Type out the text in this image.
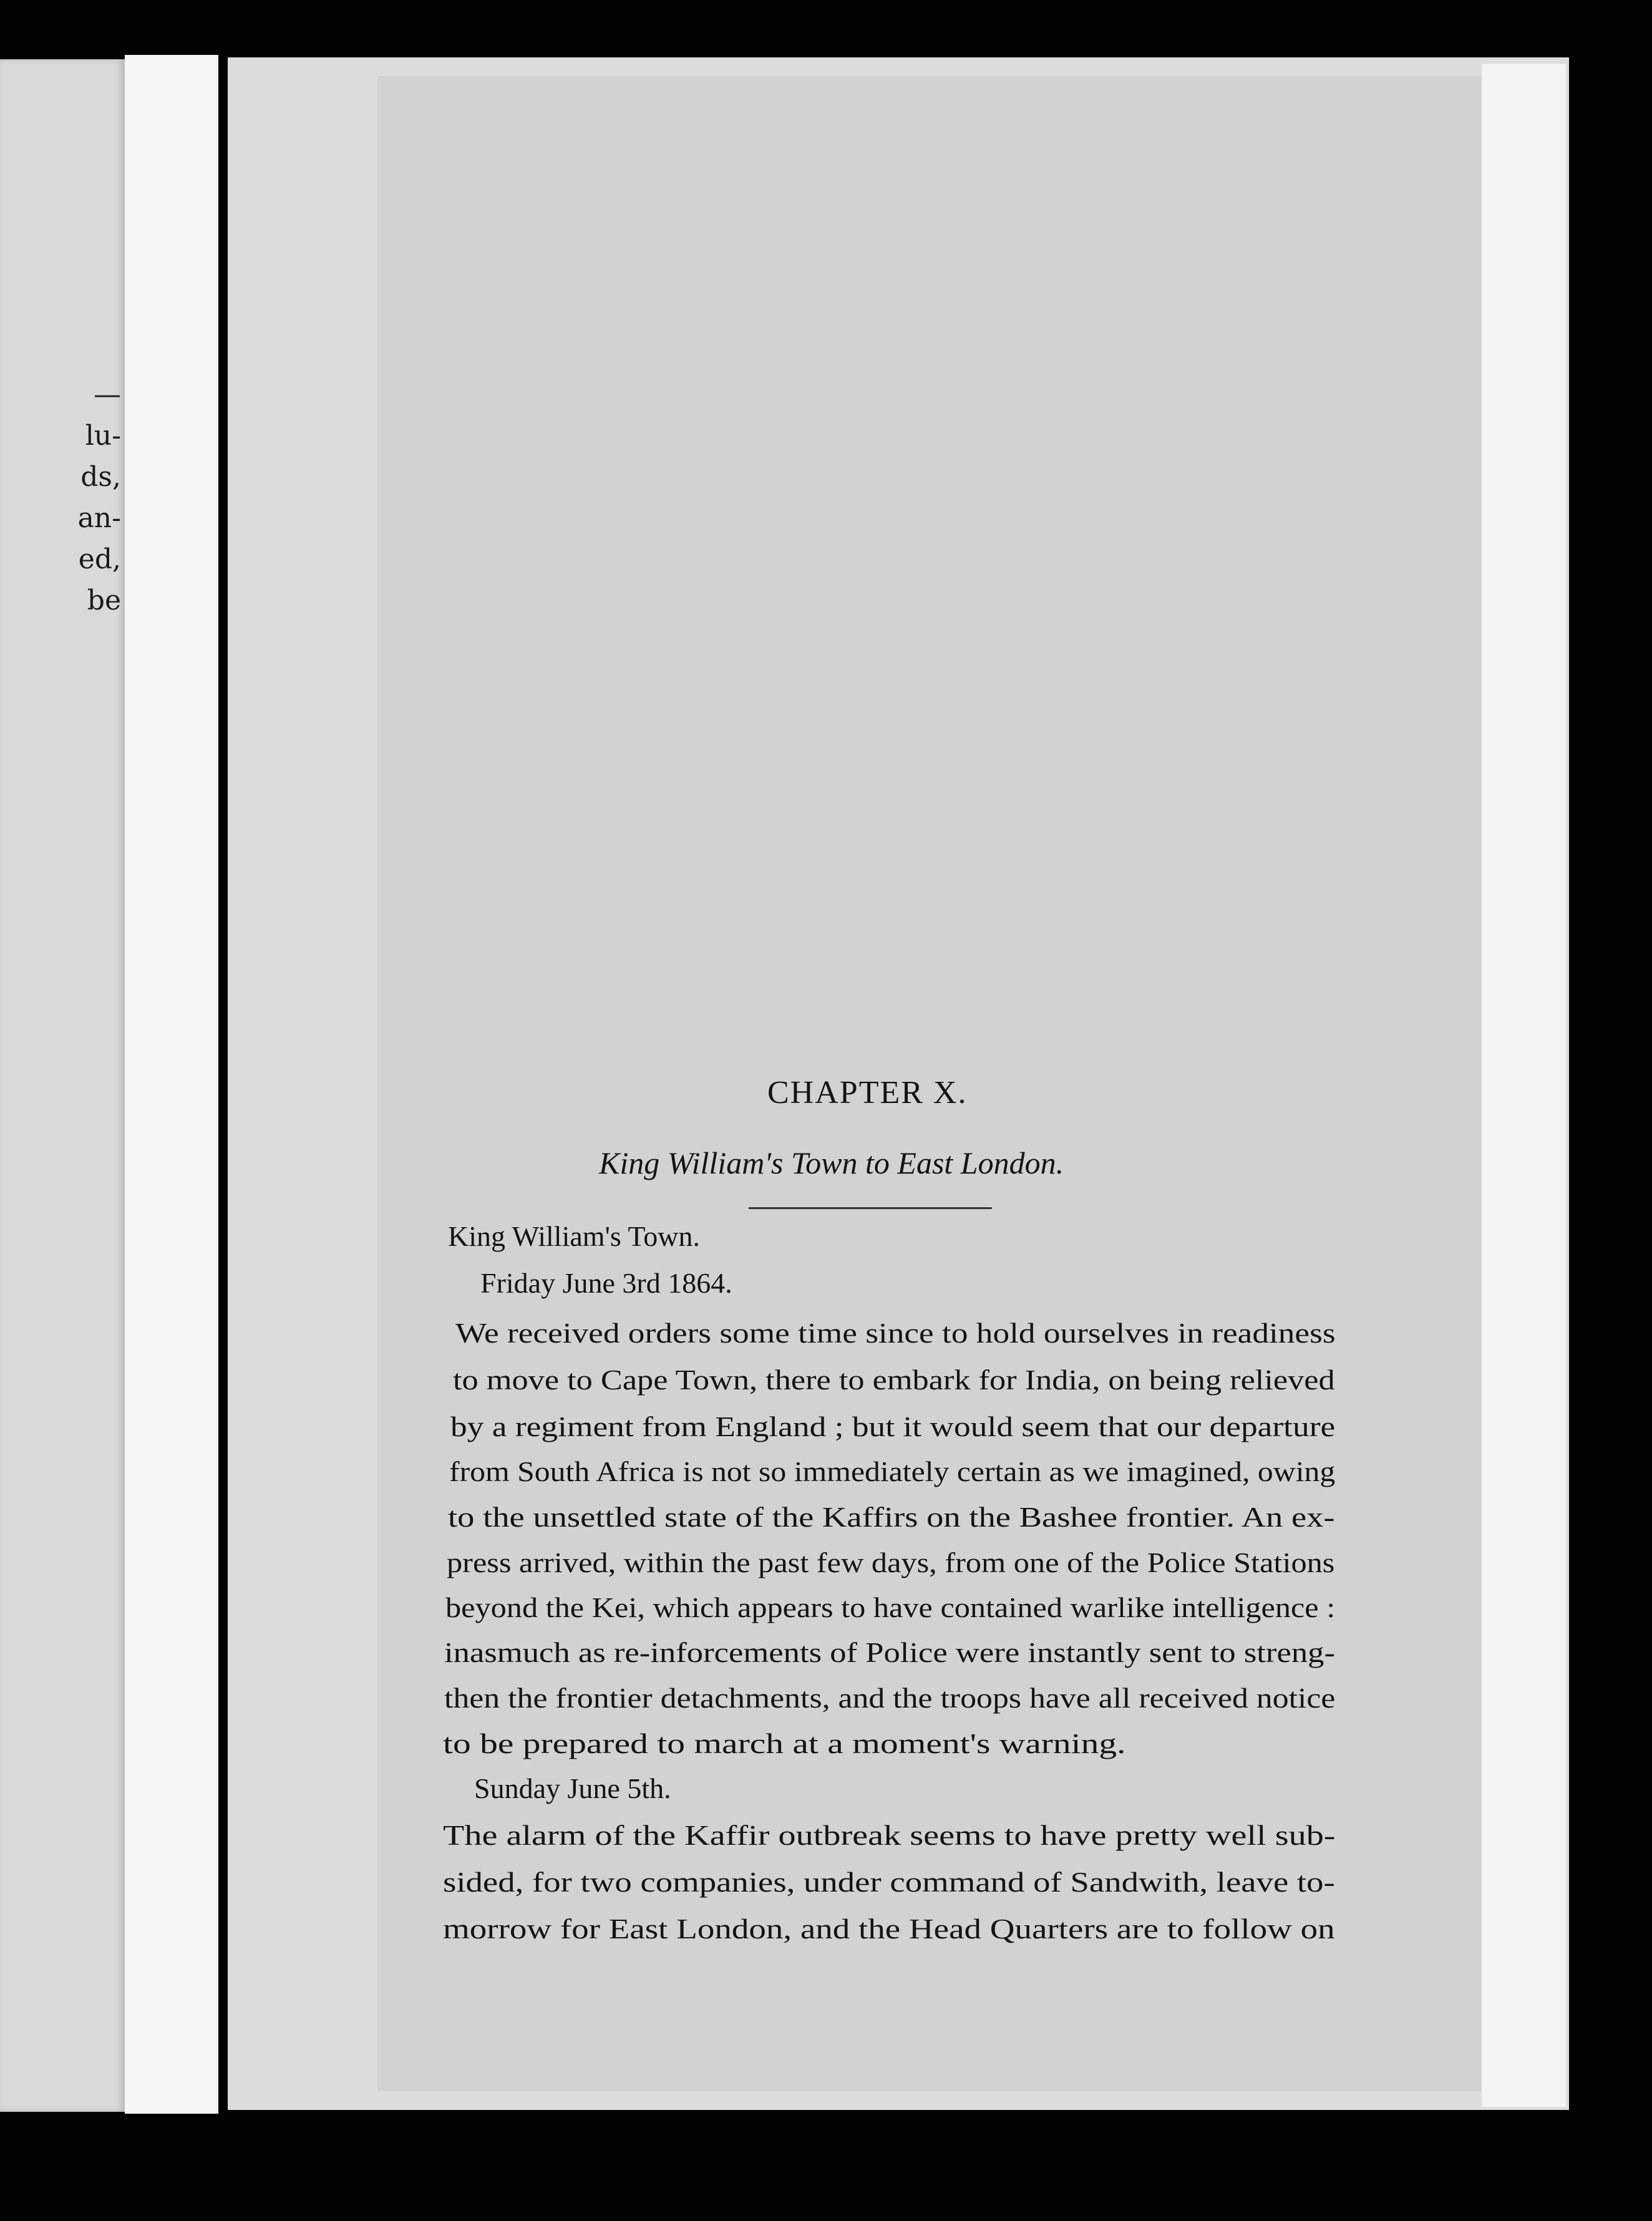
—
lu-
ds,
an-
ed,
be
CHAPTER X.
King William's Town to East London.
King William's Town.
Friday June 3rd 1864.
We received orders some time since to hold ourselves in readiness
to move to Cape Town, there to embark for India, on being relieved
by a regiment from England ; but it would seem that our departure
from South Africa is not so immediately certain as we imagined, owing
to the unsettled state of the Kaffirs on the Bashee frontier. An ex-
press arrived, within the past few days, from one of the Police Stations
beyond the Kei, which appears to have contained warlike intelligence :
inasmuch as re-inforcements of Police were instantly sent to streng-
then the frontier detachments, and the troops have all received notice
to be prepared to march at a moment's warning.
Sunday June 5th.
The alarm of the Kaffir outbreak seems to have pretty well sub-
sided, for two companies, under command of Sandwith, leave to-
morrow for East London, and the Head Quarters are to follow on
